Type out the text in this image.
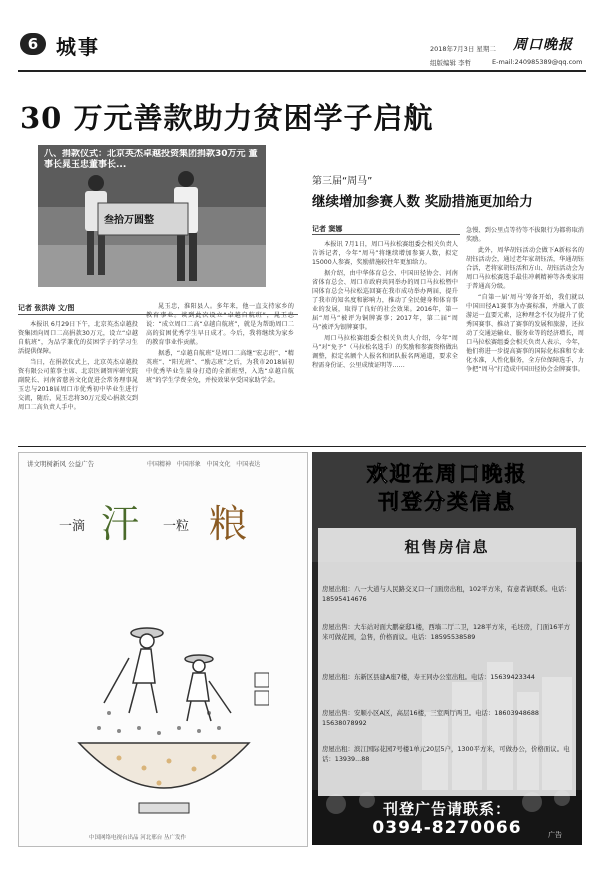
6 城事	2018年7月3日 星期二 周口晚报
组版编辑 李哲	E-mail:240985389@qq.com
30 万元善款助力贫困学子启航
八、捐款仪式：北京英杰卓越投资集团捐款30万元 董事长晁玉忠董事长...
叁拾万圆整
记者 张洪涛 文/图

本报讯 6月29日下午，北京英杰卓越投资集团向周口二高捐款30万元，设立“卓越自航班”，为品学兼优的贫困学子的学习生活提供保障。

当日，在捐款仪式上，北京英杰卓越投资有限公司董事主席、北京医调智库研究院副院长、河南省慈善文化促进会常务理事晁玉忠与2018届周口市优秀初中毕业生进行交流，随后，晁玉忠将30万元爱心捐款交到周口二高负责人手中。

晁玉忠，淮阳县人。多年来，他一直支持家乡的教育事业。谈到此次设立“卓越自航班”，晁玉忠说：“成立周口二高“卓越自航班”，就是为帮助周口二高的贫困优秀学生早日成才。今后，我将继续为家乡的教育事业作贡献。

据悉，“卓越自航班”是周口二高继“宏志班”、“精英班”、“阳光班”、“励志班”之后，为我市2018届初中优秀毕业生量身打造的全新班型，入选“卓越自航班”的学生学费全免，并按效果享受国家助学金。

第三届“周马”
继续增加参赛人数 奖励措施更加给力
记者 窦娜

本报讯 7月1日，周口马拉松赛组委会相关负责人告诉记者，今年“周马”将继续增加参赛人数，拟定15000人参赛，奖励措施较往年更加给力。

据介绍，由中华体育总会、中国田径协会、河南省体育总会、周口市政府共同举办的周口马拉松暨中国体育总会马拉松巡回赛在我市成功举办两届，提升了我市的知名度和影响力，推动了全民健身和体育事业的发展，取得了良好的社会效果。2016年，第一届“周马”被评为铜牌赛事；2017年，第二届“周马”被评为银牌赛事。

周口马拉松赛组委会相关负责人介绍，今年“周马”对“免予”（马拉松名选手）的奖励和参赛资格做出调整，拟定名额个人报名和团队报名两通道，要求全程需身份证、公里成绩证明等……

急慢、到公里点等待等不拔限行为都将取消奖励。

此外，周华胡钰活动会做下A新标名的胡钰活动会，通过老年家胡钰活，华通胡钰合活，老将家胡钰活和方山、胡钰活动会为周口马拉松赛选手最佳冲刺精神等各类家用于普通高分级。

“自第一届‘周马’筹备开始，我们就以中国田径A1赛事为办赛标准，并融入了旅游运一直要元素，这种理念不仅为提升了优秀国赛事、推动了赛事的发展和旅游，还拉动了交通运输业、服务业等的经济增长，周口马拉松赛组委会相关负责人表示，今年，他们将进一步提高赛事的国际化标准和专业化水准，人性化服务，全方位保障选手，力争把“周马”打造成中国田径协会金牌赛事。

讲文明树新风 公益广告	中国精神 中国形象 中国文化 中国表达
一滴 汗 一粒 粮
中国网络电视台出品 河北邢台 丛广发作
欢迎在周口晚报
刊登分类信息
租售房信息
房屋出租：八一大道与人民路交叉口一门面房出租，102平方米，有意者请联系。电话：18595414676
房屋出售：大车站对面大鹏豪邸1楼，西墙二厅二卫，128平方米，毛坯房，门面16平方米可做花园，急售，价格面议。电话：18595538589
房屋出租：东新区县建A座7楼，寿王同办公室出租。电话：15639423344
房屋出售：安顺小区A区，高层16楼，三室两厅两卫。电话：18603948688 15638078992
房屋出租：滨江国际花园7号楼1单元20层5户，1300平方米，可做办公，价格面议。电话：13939...88
刊登广告请联系：
0394-8270066	广告
